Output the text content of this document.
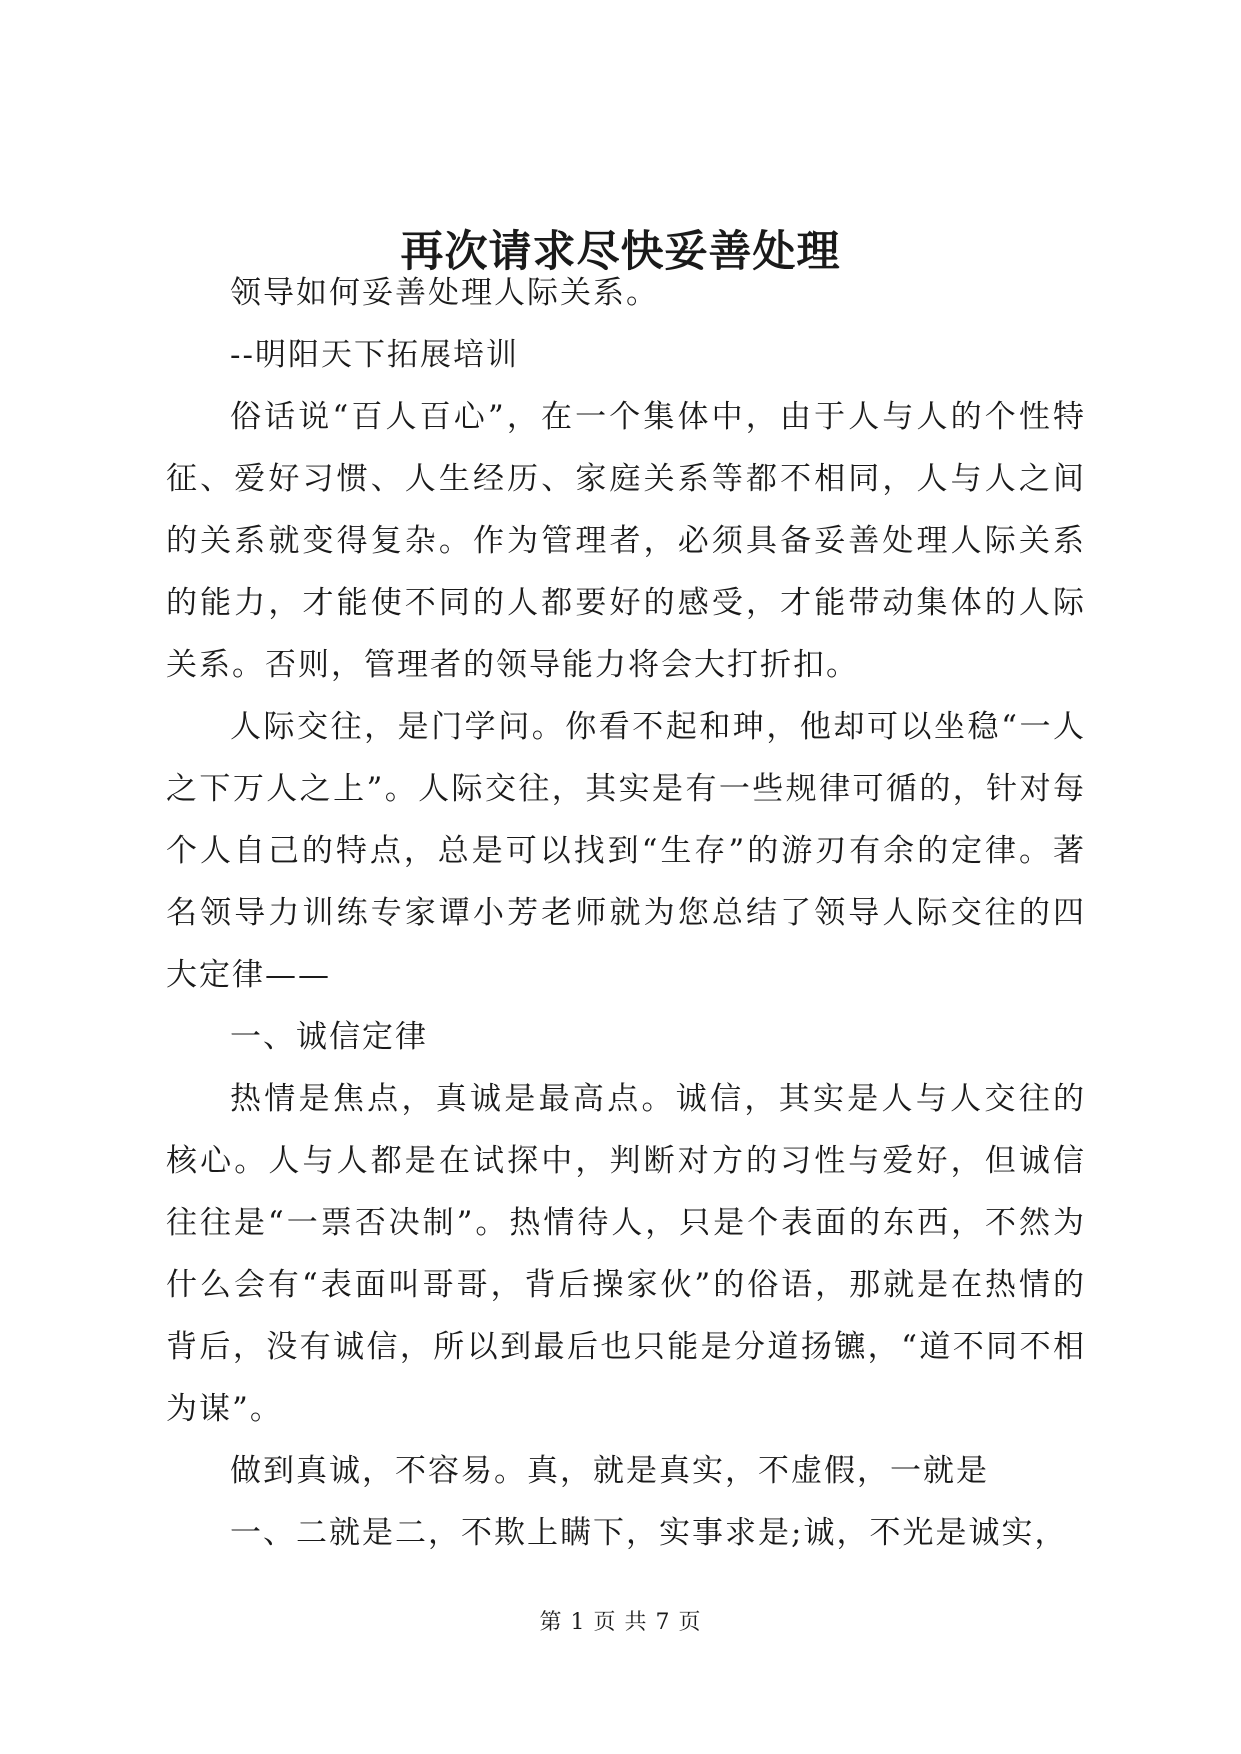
再次请求尽快妥善处理

领导如何妥善处理人际关系。

--明阳天下拓展培训

俗话说“百人百心”，在一个集体中，由于人与人的个性特征、爱好习惯、人生经历、家庭关系等都不相同，人与人之间的关系就变得复杂。作为管理者，必须具备妥善处理人际关系的能力，才能使不同的人都要好的感受，才能带动集体的人际关系。否则，管理者的领导能力将会大打折扣。

人际交往，是门学问。你看不起和珅，他却可以坐稳“一人之下万人之上”。人际交往，其实是有一些规律可循的，针对每个人自己的特点，总是可以找到“生存”的游刃有余的定律。著名领导力训练专家谭小芳老师就为您总结了领导人际交往的四大定律——

一、诚信定律

热情是焦点，真诚是最高点。诚信，其实是人与人交往的核心。人与人都是在试探中，判断对方的习性与爱好，但诚信往往是“一票否决制”。热情待人，只是个表面的东西，不然为什么会有“表面叫哥哥，背后操家伙”的俗语，那就是在热情的背后，没有诚信，所以到最后也只能是分道扬镳，“道不同不相为谋”。

做到真诚，不容易。真，就是真实，不虚假，一就是

一、二就是二，不欺上瞒下，实事求是;诚，不光是诚实，

第 1 页 共 7 页
